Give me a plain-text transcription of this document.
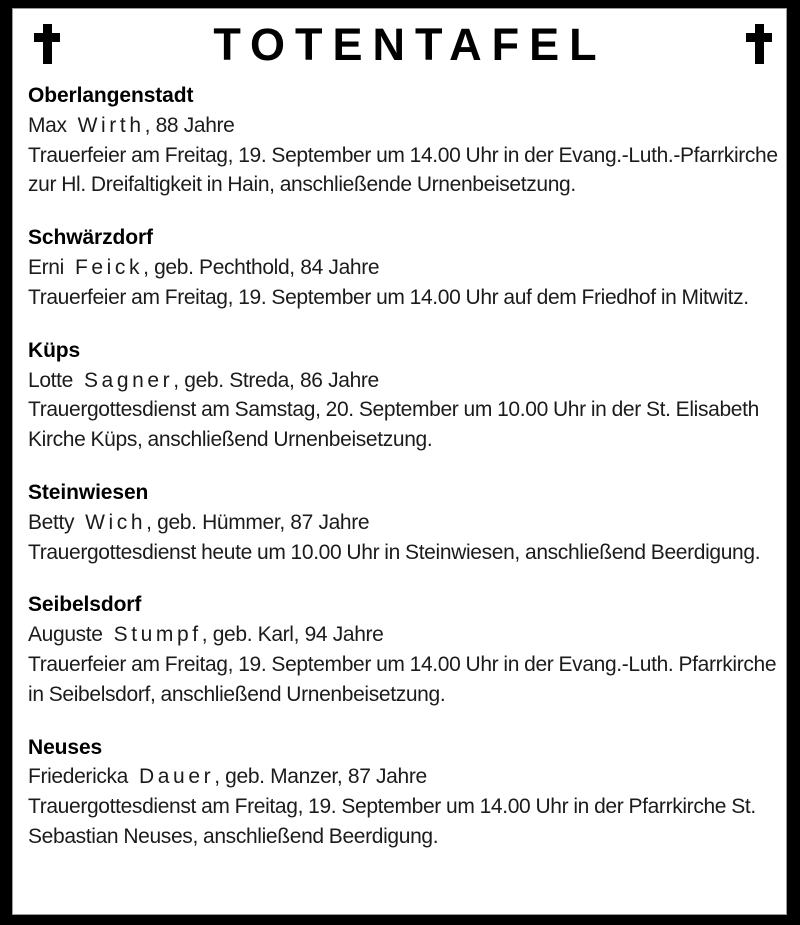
TOTENTAFEL
Oberlangenstadt
Max Wirth, 88 Jahre
Trauerfeier am Freitag, 19. September um 14.00 Uhr in der Evang.-Luth.-Pfarrkirche zur Hl. Dreifaltigkeit in Hain, anschließende Urnenbeisetzung.
Schwärzdorf
Erni Feick, geb. Pechthold, 84 Jahre
Trauerfeier am Freitag, 19. September um 14.00 Uhr auf dem Friedhof in Mitwitz.
Küps
Lotte Sagner, geb. Streda, 86 Jahre
Trauergottesdienst am Samstag, 20. September um 10.00 Uhr in der St. Elisabeth Kirche Küps, anschließend Urnenbeisetzung.
Steinwiesen
Betty Wich, geb. Hümmer, 87 Jahre
Trauergottesdienst heute um 10.00 Uhr in Steinwiesen, anschließend Beerdigung.
Seibelsdorf
Auguste Stumpf, geb. Karl, 94 Jahre
Trauerfeier am Freitag, 19. September um 14.00 Uhr in der Evang.-Luth. Pfarrkirche in Seibelsdorf, anschließend Urnenbeisetzung.
Neuses
Friedericka Dauer, geb. Manzer, 87 Jahre
Trauergottesdienst am Freitag, 19. September um 14.00 Uhr in der Pfarrkirche St. Sebastian Neuses, anschließend Beerdigung.
